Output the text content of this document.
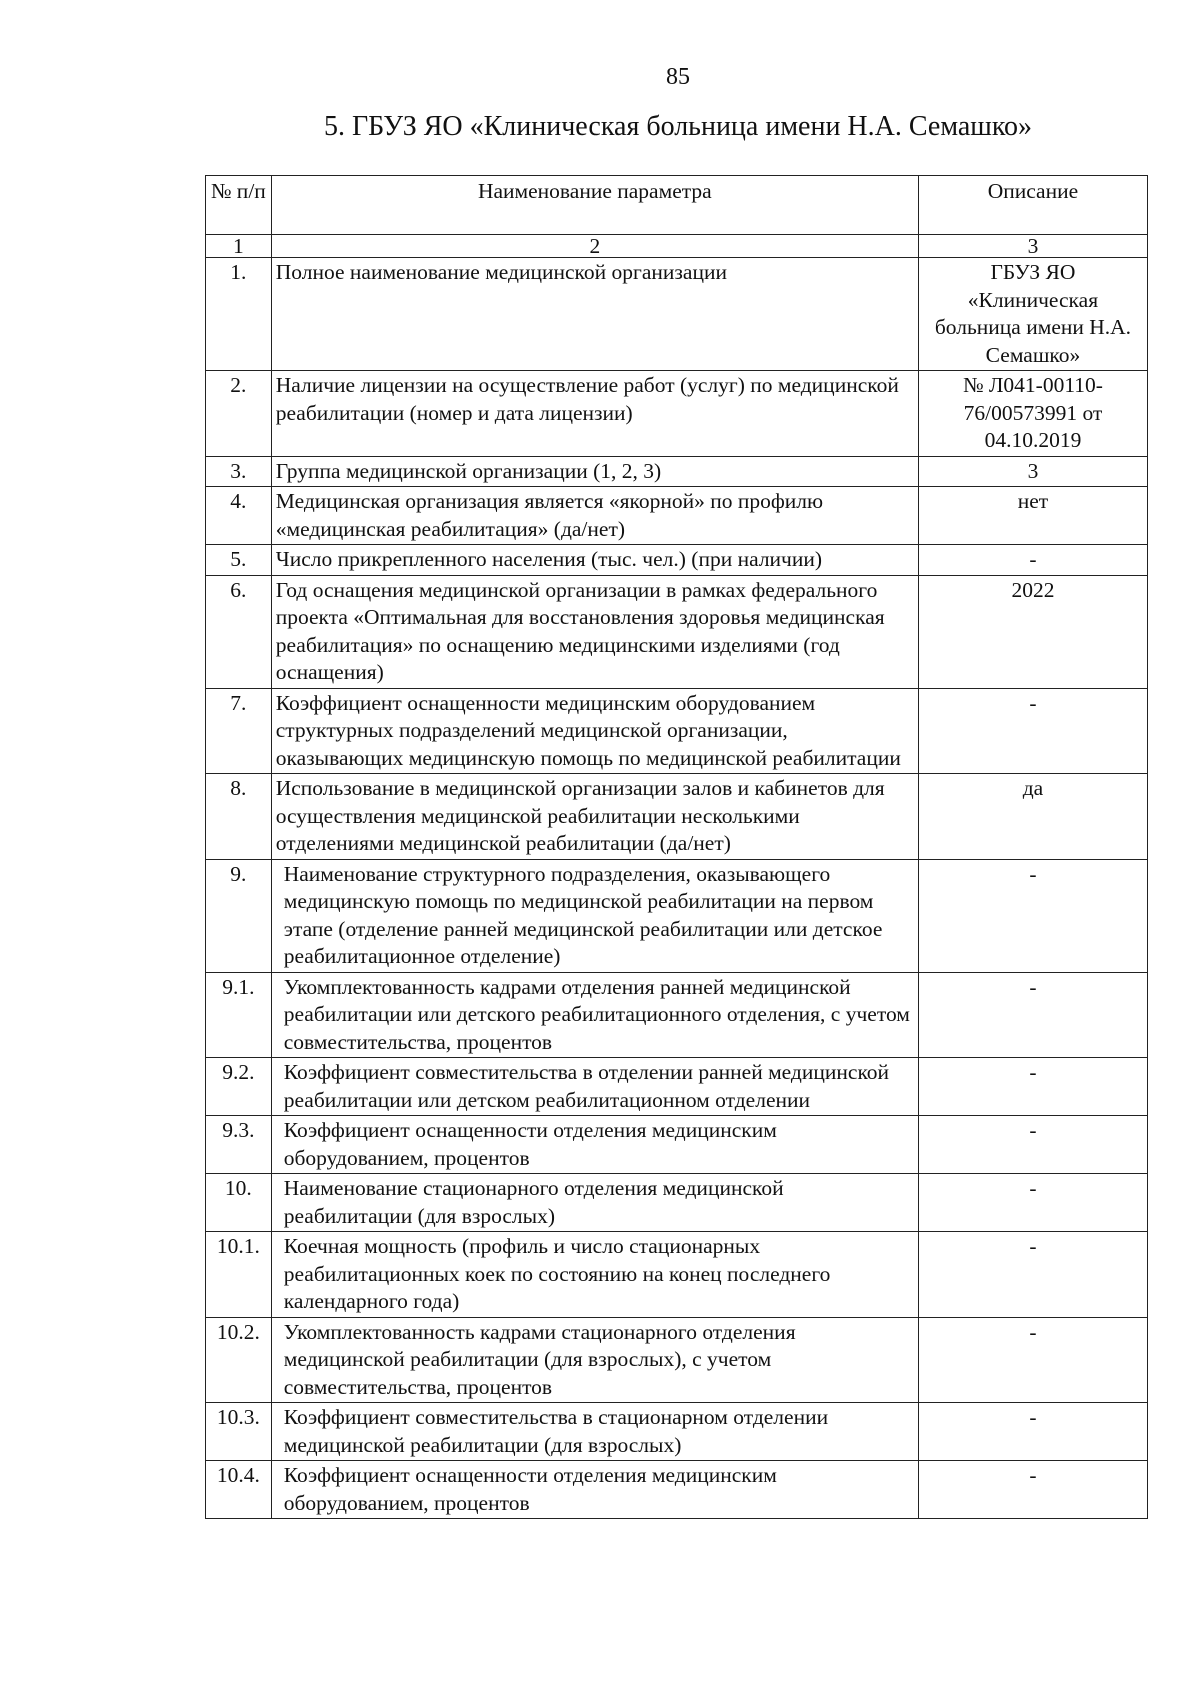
85
5. ГБУЗ ЯО «Клиническая больница имени Н.А. Семашко»
№ п/п	Наименование параметра	Описание
1	2	3
1.	Полное наименование медицинской организации	ГБУЗ ЯО «Клиническая больница имени Н.А. Семашко»
2.	Наличие лицензии на осуществление работ (услуг) по медицинской реабилитации (номер и дата лицензии)	№ Л041-00110-76/00573991 от 04.10.2019
3.	Группа медицинской организации (1, 2, 3)	3
4.	Медицинская организация является «якорной» по профилю «медицинская реабилитация» (да/нет)	нет
5.	Число прикрепленного населения (тыс. чел.) (при наличии)	-
6.	Год оснащения медицинской организации в рамках федерального проекта «Оптимальная для восстановления здоровья медицинская реабилитация» по оснащению медицинскими изделиями (год оснащения)	2022
7.	Коэффициент оснащенности медицинским оборудованием структурных подразделений медицинской организации, оказывающих медицинскую помощь по медицинской реабилитации	-
8.	Использование в медицинской организации залов и кабинетов для осуществления медицинской реабилитации несколькими отделениями медицинской реабилитации (да/нет)	да
9.	Наименование структурного подразделения, оказывающего медицинскую помощь по медицинской реабилитации на первом этапе (отделение ранней медицинской реабилитации или детское реабилитационное отделение)	-
9.1.	Укомплектованность кадрами отделения ранней медицинской реабилитации или детского реабилитационного отделения, с учетом совместительства, процентов	-
9.2.	Коэффициент совместительства в отделении ранней медицинской реабилитации или детском реабилитационном отделении	-
9.3.	Коэффициент оснащенности отделения медицинским оборудованием, процентов	-
10.	Наименование стационарного отделения медицинской реабилитации (для взрослых)	-
10.1.	Коечная мощность (профиль и число стационарных реабилитационных коек по состоянию на конец последнего календарного года)	-
10.2.	Укомплектованность кадрами стационарного отделения медицинской реабилитации (для взрослых), с учетом совместительства, процентов	-
10.3.	Коэффициент совместительства в стационарном отделении медицинской реабилитации (для взрослых)	-
10.4.	Коэффициент оснащенности отделения медицинским оборудованием, процентов	-
